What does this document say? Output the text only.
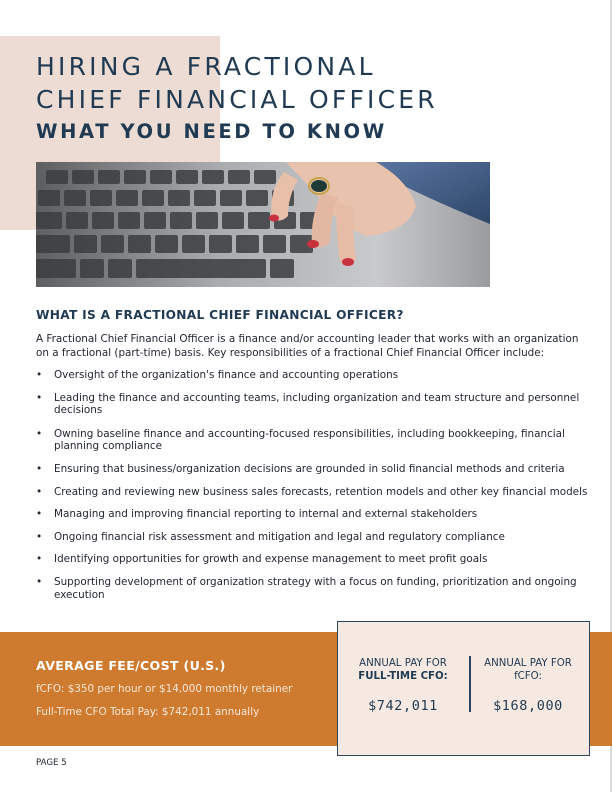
HIRING A FRACTIONAL
CHIEF FINANCIAL OFFICER
WHAT YOU NEED TO KNOW
WHAT IS A FRACTIONAL CHIEF FINANCIAL OFFICER?

A Fractional Chief Financial Officer is a finance and/or accounting leader that works with an organization on a fractional (part-time) basis. Key responsibilities of a fractional Chief Financial Officer include:

• Oversight of the organization's finance and accounting operations
• Leading the finance and accounting teams, including organization and team structure and personnel decisions
• Owning baseline finance and accounting-focused responsibilities, including bookkeeping, financial planning compliance
• Ensuring that business/organization decisions are grounded in solid financial methods and criteria
• Creating and reviewing new business sales forecasts, retention models and other key financial models
• Managing and improving financial reporting to internal and external stakeholders
• Ongoing financial risk assessment and mitigation and legal and regulatory compliance
• Identifying opportunities for growth and expense management to meet profit goals
• Supporting development of organization strategy with a focus on funding, prioritization and ongoing execution
AVERAGE FEE/COST (U.S.)
fCFO: $350 per hour or $14,000 monthly retainer
Full-Time CFO Total Pay: $742,011 annually
ANNUAL PAY FOR
FULL-TIME CFO:
$742,011
ANNUAL PAY FOR
fCFO:
$168,000
PAGE 5
